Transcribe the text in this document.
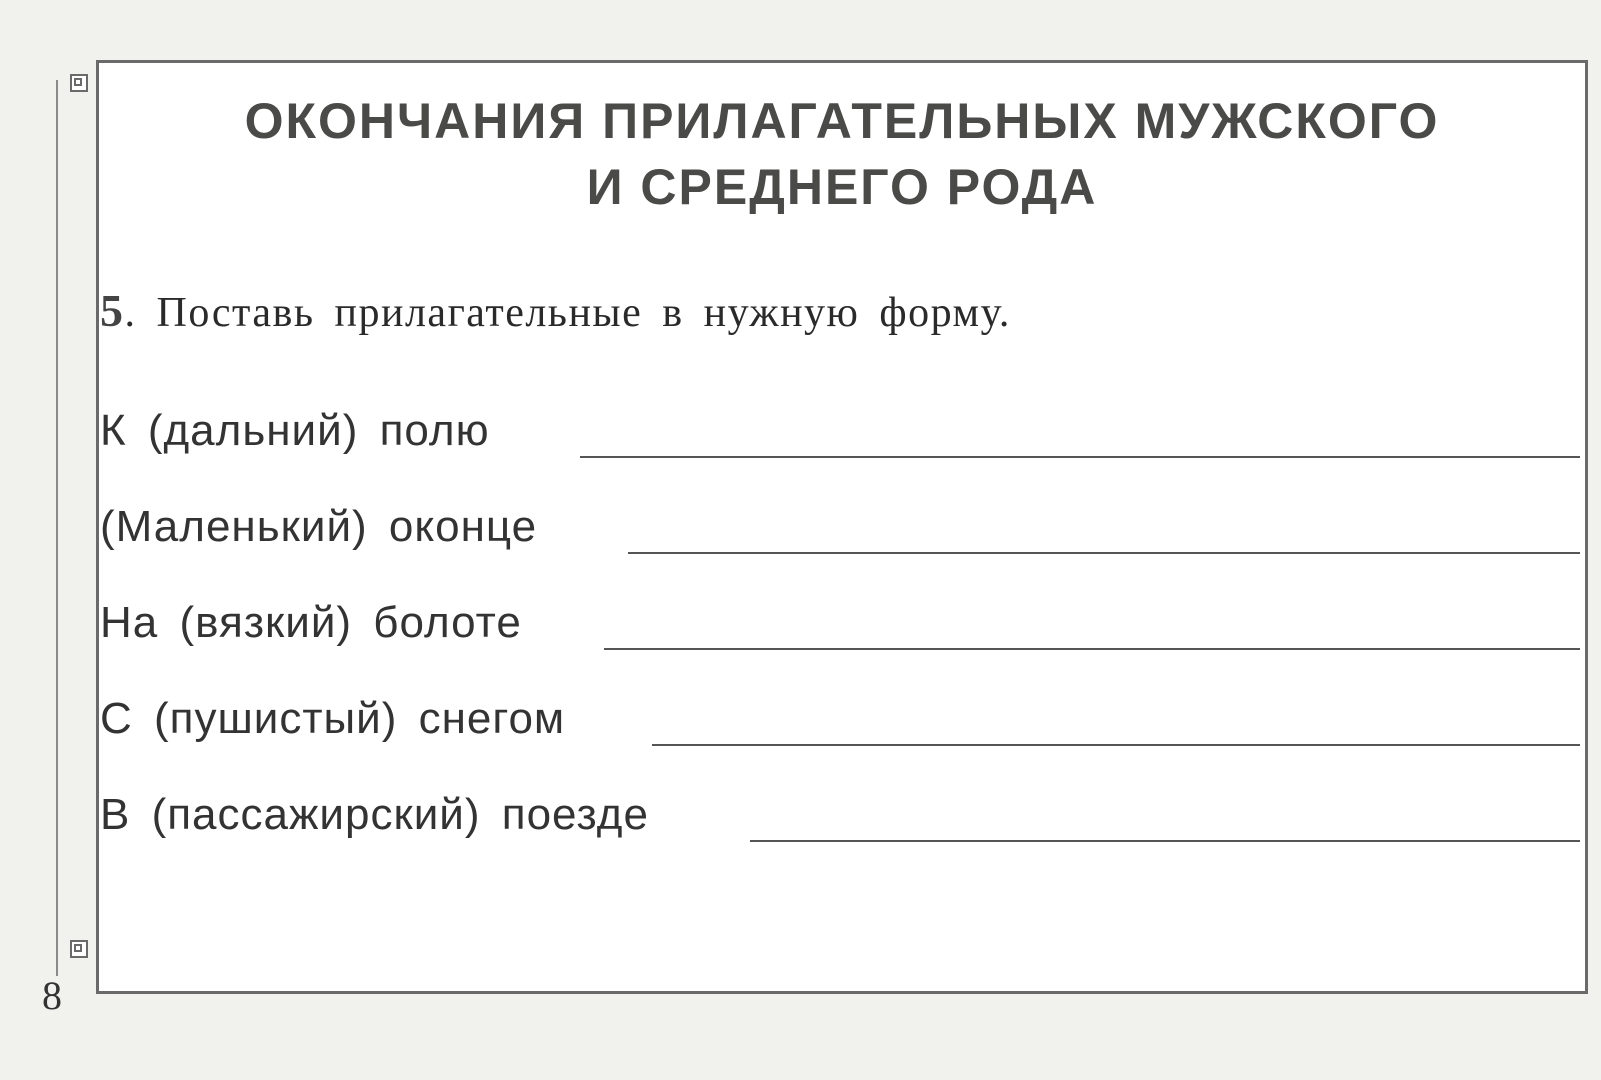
ОКОНЧАНИЯ ПРИЛАГАТЕЛЬНЫХ МУЖСКОГО
И СРЕДНЕГО РОДА
5. Поставь прилагательные в нужную форму.
К (дальний) полю
(Маленький) оконце
На (вязкий) болоте
С (пушистый) снегом
В (пассажирский) поезде
8
